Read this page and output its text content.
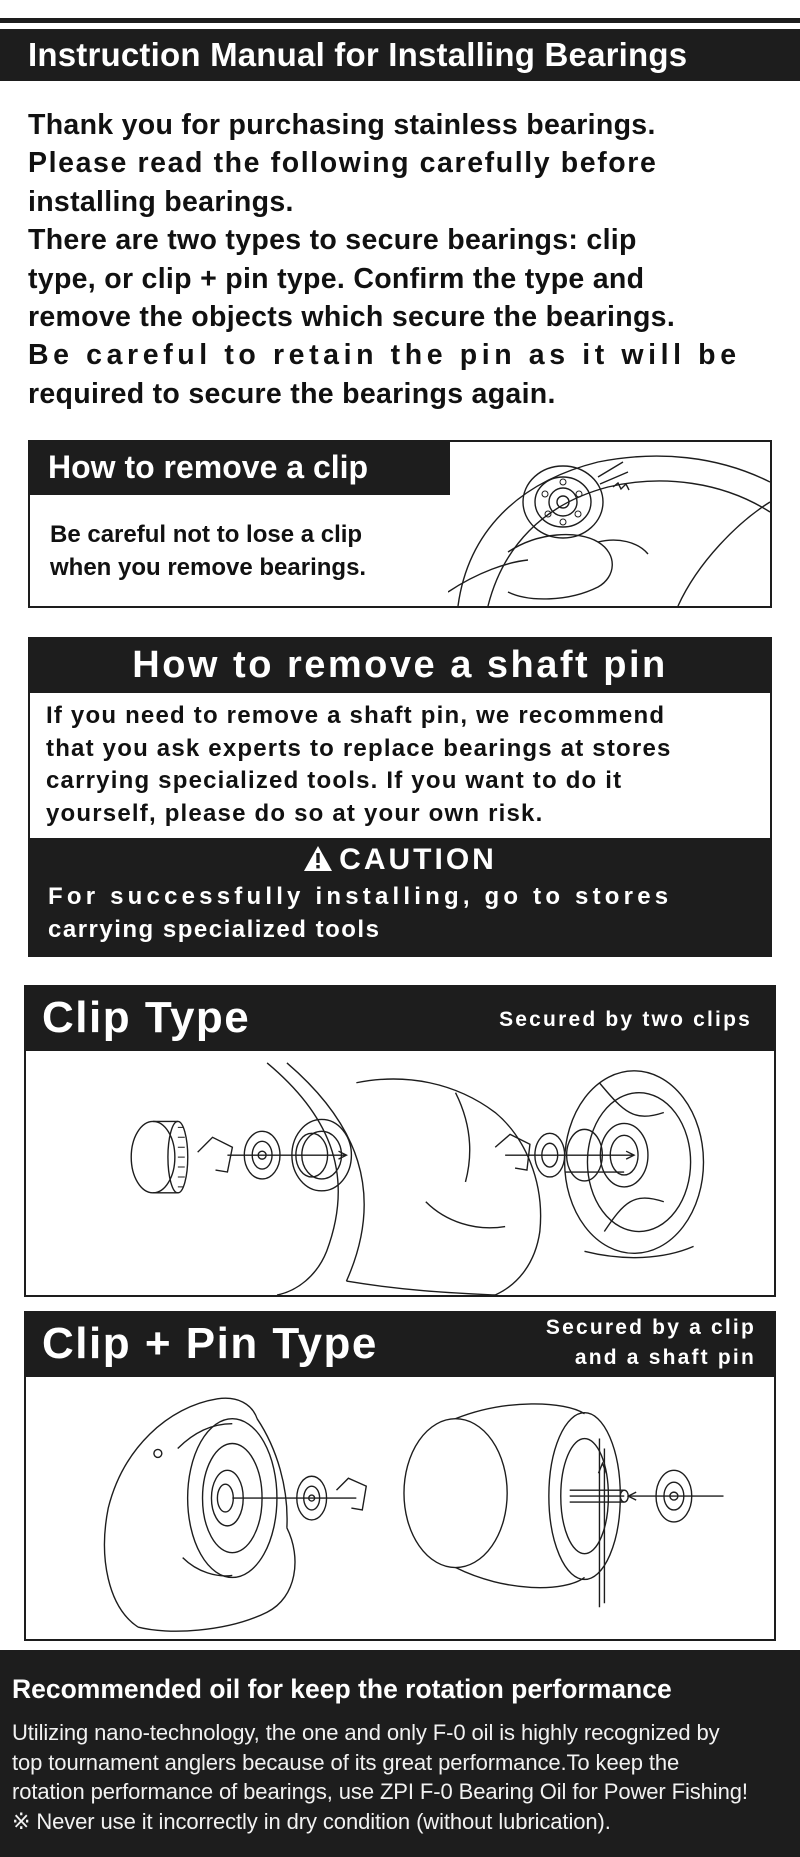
Instruction Manual for Installing Bearings

Thank you for purchasing stainless bearings.

Please read the following carefully before

installing bearings.

There are two types to secure bearings: clip

type, or clip + pin type. Confirm the type and

remove the objects which secure the bearings.

Be careful to retain the pin as it will be

required to secure the bearings again.

How to remove a clip
Be careful not to lose a clip
when you remove bearings.
How to remove a shaft pin
If you need to remove a shaft pin, we recommend
that you ask experts to replace bearings at stores
carrying specialized tools. If you want to do it
yourself, please do so at your own risk.
CAUTION
For successfully installing, go to stores
carrying specialized tools
Clip Type	Secured by two clips
Clip + Pin Type	Secured by a clip
and a shaft pin
Recommended oil for keep the rotation performance
Utilizing nano-technology, the one and only F-0 oil is highly recognized by
top tournament anglers because of its great performance.To keep the
rotation performance of bearings, use ZPI F-0 Bearing Oil for Power Fishing!
※ Never use it incorrectly in dry condition (without lubrication).
